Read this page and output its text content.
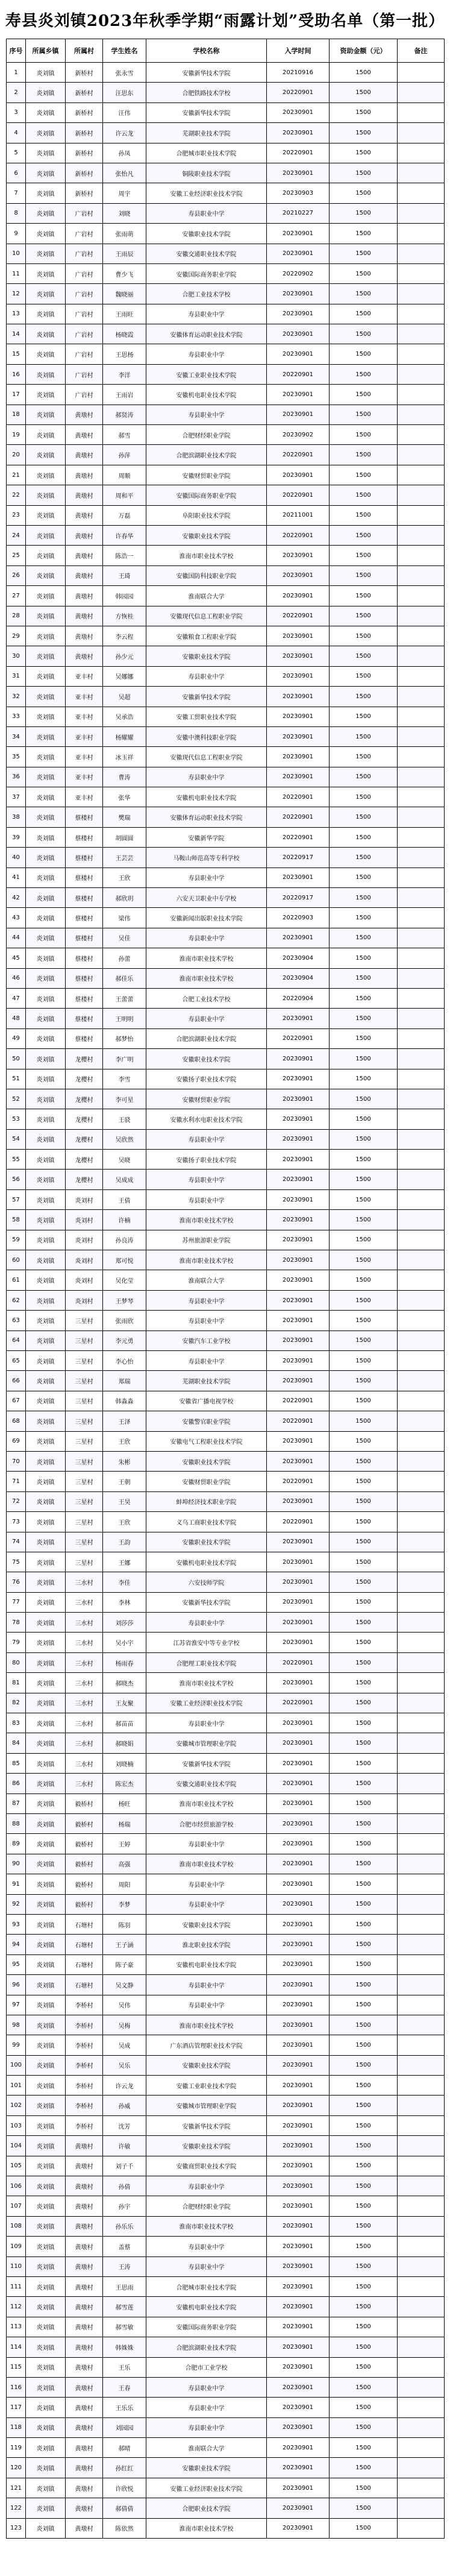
寿县炎刘镇2023年秋季学期“雨露计划”受助名单（第一批）
序号	所属乡镇	所属村	学生姓名	学校名称	入学时间	资助金额（元）	备注
1	炎刘镇	新桥村	张永雪	安徽新华技术学院	20210916	1500	
2	炎刘镇	新桥村	汪思东	合肥铁路技术学校	20220901	1500	
3	炎刘镇	新桥村	汪伟	安徽新华技术学院	20230901	1500	
4	炎刘镇	新桥村	许云龙	芜湖职业技术学院	20230901	1500	
5	炎刘镇	新桥村	孙凤	合肥城市职业技术学院	20220901	1500	
6	炎刘镇	新桥村	张怡凡	铜陵职业技术学院	20230901	1500	
7	炎刘镇	新桥村	周宇	安徽工业经济职业技术学院	20230903	1500	
8	炎刘镇	广岩村	刘晓	寿县职业中学	20210227	1500	
9	炎刘镇	广岩村	张雨萌	安徽职业技术学院	20230901	1500	
10	炎刘镇	广岩村	王雨辰	安徽交通职业技术学院	20230901	1500	
11	炎刘镇	广岩村	曹少飞	安徽国际商务职业学院	20220902	1500	
12	炎刘镇	广岩村	魏晓丽	合肥工业技术学校	20230901	1500	
13	炎刘镇	广岩村	王雨旺	寿县职业中学	20230901	1500	
14	炎刘镇	广岩村	杨晓霞	安徽体育运动职业技术学院	20230901	1500	
15	炎刘镇	广岩村	王思杨	寿县职业中学	20230901	1500	
16	炎刘镇	广岩村	李洋	安徽工业职业技术学院	20220901	1500	
17	炎刘镇	广岩村	王雨岩	安徽机电职业技术学院	20230901	1500	
18	炎刘镇	黄墩村	郝贤涛	寿县职业中学	20230901	1500	
19	炎刘镇	黄墩村	郝雪	合肥财经职业学院	20230902	1500	
20	炎刘镇	黄墩村	孙萍	合肥滨湖职业技术学院	20220901	1500	
21	炎刘镇	黄墩村	周顺	安徽财贸职业学院	20230901	1500	
22	炎刘镇	黄墩村	周和平	安徽国际商务职业学院	20220901	1500	
23	炎刘镇	黄墩村	万磊	阜阳职业技术学院	20211001	1500	
24	炎刘镇	黄墩村	许春华	安徽职业技术学院	20220901	1500	
25	炎刘镇	黄墩村	陈浩一	淮南市职业技术学校	20230901	1500	
26	炎刘镇	黄墩村	王琦	安徽国防科技职业学院	20230901	1500	
27	炎刘镇	黄墩村	韩园园	淮南联合大学	20230901	1500	
28	炎刘镇	黄墩村	方恢桂	安徽现代信息工程职业学院	20220901	1500	
29	炎刘镇	黄墩村	李云程	安徽粮食工程职业学院	20230901	1500	
30	炎刘镇	黄墩村	孙少元	安徽职业技术学院	20230901	1500	
31	炎刘镇	亚丰村	吴娜娜	寿县职业中学	20230901	1500	
32	炎刘镇	亚丰村	吴超	安徽新华技术学院	20230901	1500	
33	炎刘镇	亚丰村	吴承浩	安徽工贸职业技术学院	20230901	1500	
34	炎刘镇	亚丰村	杨耀耀	安徽中澳科技职业学院	20230901	1500	
35	炎刘镇	亚丰村	冰玉祥	安徽现代信息工程职业学院	20230901	1500	
36	炎刘镇	亚丰村	曹涛	寿县职业中学	20230901	1500	
37	炎刘镇	亚丰村	张华	安徽机电职业技术学院	20220901	1500	
38	炎刘镇	蔡楼村	樊瑞	安徽体育运动职业技术学院	20220901	1500	
39	炎刘镇	蔡楼村	胡圆圆	安徽新华学院	20220901	1500	
40	炎刘镇	蔡楼村	王芸芸	马鞍山师范高等专科学校	20220917	1500	
41	炎刘镇	蔡楼村	王欣	寿县职业中学	20230901	1500	
42	炎刘镇	蔡楼村	郝欣玥	六安天卫职业中专学校	20220917	1500	
43	炎刘镇	蔡楼村	梁伟	安徽新闻出版职业技术学院	20220903	1500	
44	炎刘镇	蔡楼村	吴佳	寿县职业中学	20230901	1500	
45	炎刘镇	蔡楼村	孙蕾	淮南市职业技术学校	20230904	1500	
46	炎刘镇	蔡楼村	郝佳乐	淮南市职业技术学校	20230904	1500	
47	炎刘镇	蔡楼村	王蕾蕾	合肥工业技术学校	20220904	1500	
48	炎刘镇	蔡楼村	王明明	寿县职业中学	20230901	1500	
49	炎刘镇	蔡楼村	郝梦怡	合肥滨湖职业技术学院	20220901	1500	
50	炎刘镇	龙樱村	李广明	安徽职业技术学院	20230901	1500	
51	炎刘镇	龙樱村	李雪	安徽扬子职业技术学院	20230901	1500	
52	炎刘镇	龙樱村	李可星	安徽财贸职业学院	20230901	1500	
53	炎刘镇	龙樱村	王骁	安徽水利水电职业技术学院	20230901	1500	
54	炎刘镇	龙樱村	吴欣然	寿县职业中学	20230901	1500	
55	炎刘镇	龙樱村	吴晓	安徽扬子职业技术学院	20230901	1500	
56	炎刘镇	龙樱村	吴成成	寿县职业中学	20230901	1500	
57	炎刘镇	炎刘村	王倩	寿县职业中学	20230901	1500	
58	炎刘镇	炎刘村	许楠	淮南市职业技术学校	20230901	1500	
59	炎刘镇	炎刘村	孙良涛	苏州旅游职业学院	20230901	1500	
60	炎刘镇	炎刘村	郑可悦	淮南市职业技术学校	20230901	1500	
61	炎刘镇	炎刘村	吴化莹	淮南联合大学	20230901	1500	
62	炎刘镇	炎刘村	王梦琴	寿县职业中学	20230901	1500	
63	炎刘镇	三星村	张雨欣	寿县职业中学	20230901	1500	
64	炎刘镇	三星村	李元勇	安徽汽车工业学校	20230901	1500	
65	炎刘镇	三星村	李心怡	寿县职业中学	20230901	1500	
66	炎刘镇	三星村	郑瑞	芜湖职业技术学院	20230901	1500	
67	炎刘镇	三星村	韩淼淼	安徽省广播电视学校	20220901	1500	
68	炎刘镇	三星村	王泽	安徽警官职业学院	20220901	1500	
69	炎刘镇	三星村	王欣	安徽电气工程职业技术学院	20230901	1500	
70	炎刘镇	三星村	朱彬	安徽职业技术学院	20230901	1500	
71	炎刘镇	三星村	王朝	安徽财贸职业学院	20220901	1500	
72	炎刘镇	三星村	王昊	蚌埠经济技术职业学院	20230901	1500	
73	炎刘镇	三星村	王欣	义乌工商职业技术学院	20220901	1500	
74	炎刘镇	三星村	王韵	安徽职业技术学院	20230901	1500	
75	炎刘镇	三星村	王娜	安徽机电职业技术学院	20230901	1500	
76	炎刘镇	三水村	李佳	六安技师学院	20230901	1500	
77	炎刘镇	三水村	李林	安徽新华技术学院	20230901	1500	
78	炎刘镇	三水村	刘莎莎	寿县职业中学	20230901	1500	
79	炎刘镇	三水村	吴小宇	江苏省淮安中等专业学校	20230901	1500	
80	炎刘镇	三水村	杨雨春	合肥理工职业技术学院	20220901	1500	
81	炎刘镇	三水村	郝晓杰	淮南市职业技术学校	20230901	1500	
82	炎刘镇	三水村	王友聚	安徽工业经济职业技术学院	20220901	1500	
83	炎刘镇	三水村	郝苗苗	寿县职业中学	20230901	1500	
84	炎刘镇	三水村	郝晓娟	安徽城市管理职业学院	20230901	1500	
85	炎刘镇	三水村	刘晓楠	安徽新华技术学院	20230901	1500	
86	炎刘镇	三水村	陈宏杰	安徽交通职业技术学院	20230901	1500	
87	炎刘镇	毅桥村	杨旺	淮南市职业技术学校	20230901	1500	
88	炎刘镇	毅桥村	杨瑞	合肥市经贸旅游学校	20230901	1500	
89	炎刘镇	毅桥村	王婷	寿县职业中学	20230901	1500	
90	炎刘镇	毅桥村	高强	淮南市职业技术学校	20230901	1500	
91	炎刘镇	毅桥村	周阳	寿县职业中学	20230901	1500	
92	炎刘镇	毅桥村	李梦	寿县职业中学	20230901	1500	
93	炎刘镇	石塘村	陈羽	安徽职业技术学院	20230901	1500	
94	炎刘镇	石塘村	王子涵	淮北职业技术学院	20230901	1500	
95	炎刘镇	石塘村	陈子豪	安徽机电职业技术学院	20230901	1500	
96	炎刘镇	石塘村	吴文静	寿县职业中学	20230901	1500	
97	炎刘镇	李桥村	吴伟	寿县职业中学	20230901	1500	
98	炎刘镇	李桥村	吴梅	淮南市职业技术学校	20230901	1500	
99	炎刘镇	李桥村	吴成	广东酒店管理职业技术学院	20230901	1500	
100	炎刘镇	李桥村	吴乐	安徽职业技术学院	20230901	1500	
101	炎刘镇	李桥村	许云龙	安徽工业职业技术学院	20230901	1500	
102	炎刘镇	李桥村	孙威	安徽城市管理职业学院	20230901	1500	
103	炎刘镇	李桥村	沈芳	安徽新华技术学院	20230901	1500	
104	炎刘镇	黄墩村	许敏	安徽职业技术学院	20230901	1500	
105	炎刘镇	黄墩村	刘子千	安徽商贸职业技术学院	20230901	1500	
106	炎刘镇	黄墩村	孙倩	寿县职业中学	20230901	1500	
107	炎刘镇	黄墩村	孙宇	合肥财经职业学院	20230901	1500	
108	炎刘镇	黄墩村	孙乐乐	淮南市职业技术学校	20230901	1500	
109	炎刘镇	黄墩村	盖蔡	寿县职业中学	20230901	1500	
110	炎刘镇	黄墩村	王涛	寿县职业中学	20230901	1500	
111	炎刘镇	黄墩村	王思雨	合肥城市职业技术学院	20230901	1500	
112	炎刘镇	黄墩村	郝雪莲	安徽机电职业技术学院	20230901	1500	
113	炎刘镇	黄墩村	郝雪敏	安徽国际商务职业学院	20230901	1500	
114	炎刘镇	黄墩村	韩姝姝	合肥滨湖职业技术学院	20230901	1500	
115	炎刘镇	黄墩村	王乐	合肥市工业学校	20230901	1500	
116	炎刘镇	黄墩村	王春	寿县职业中学	20230901	1500	
117	炎刘镇	黄墩村	王乐乐	寿县职业中学	20230901	1500	
118	炎刘镇	黄墩村	刘园园	寿县职业中学	20230901	1500	
119	炎刘镇	黄墩村	郝晴	淮南联合大学	20230901	1500	
120	炎刘镇	黄墩村	孙红红	安徽职业技术学院	20230901	1500	
121	炎刘镇	黄墩村	许欣悦	安徽工业经济职业技术学院	20230901	1500	
122	炎刘镇	黄墩村	郝倩倩	合肥职业技术学院	20230901	1500	
123	炎刘镇	黄墩村	陈依然	淮南市职业技术学校	20230901	1500	
